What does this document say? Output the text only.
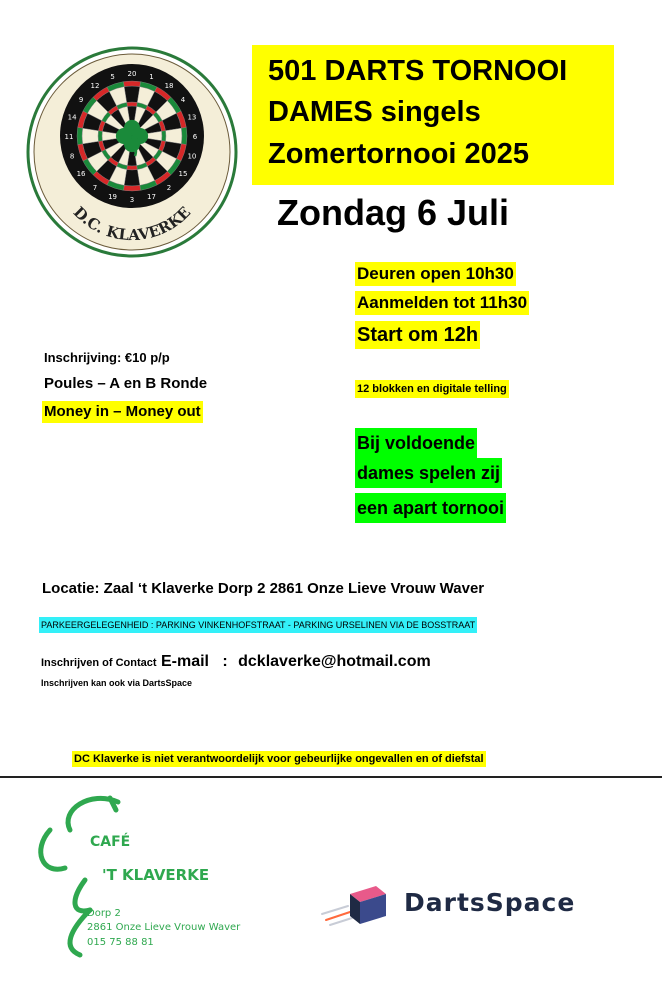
20 1
18
4
13
6
10
15
2
17
3
19
7
16
8
11
14
9
12
5
D.C. KLAVERKE
501 DARTS TORNOOI
DAMES singels
Zomertornooi 2025
Zondag 6 Juli
Deuren open 10h30
Aanmelden tot 11h30
Start om 12h
Inschrijving: €10 p/p
Poules – A en B Ronde
Money in – Money out
12 blokken en digitale telling
Bij voldoende
dames spelen zij
een apart tornooi
Locatie: Zaal ‘t Klaverke Dorp 2 2861 Onze Lieve Vrouw Waver
PARKEERGELEGENHEID : PARKING VINKENHOFSTRAAT - PARKING URSELINEN VIA DE BOSSTRAAT
Inschrijven of Contact E-mail   : dcklaverke@hotmail.com
Inschrijven kan ook via DartsSpace
DC Klaverke is niet verantwoordelijk voor gebeurlijke ongevallen en of diefstal
CAFÉ
'T KLAVERKE
Dorp 2
2861 Onze Lieve Vrouw Waver
015 75 88 81
DartsSpace
